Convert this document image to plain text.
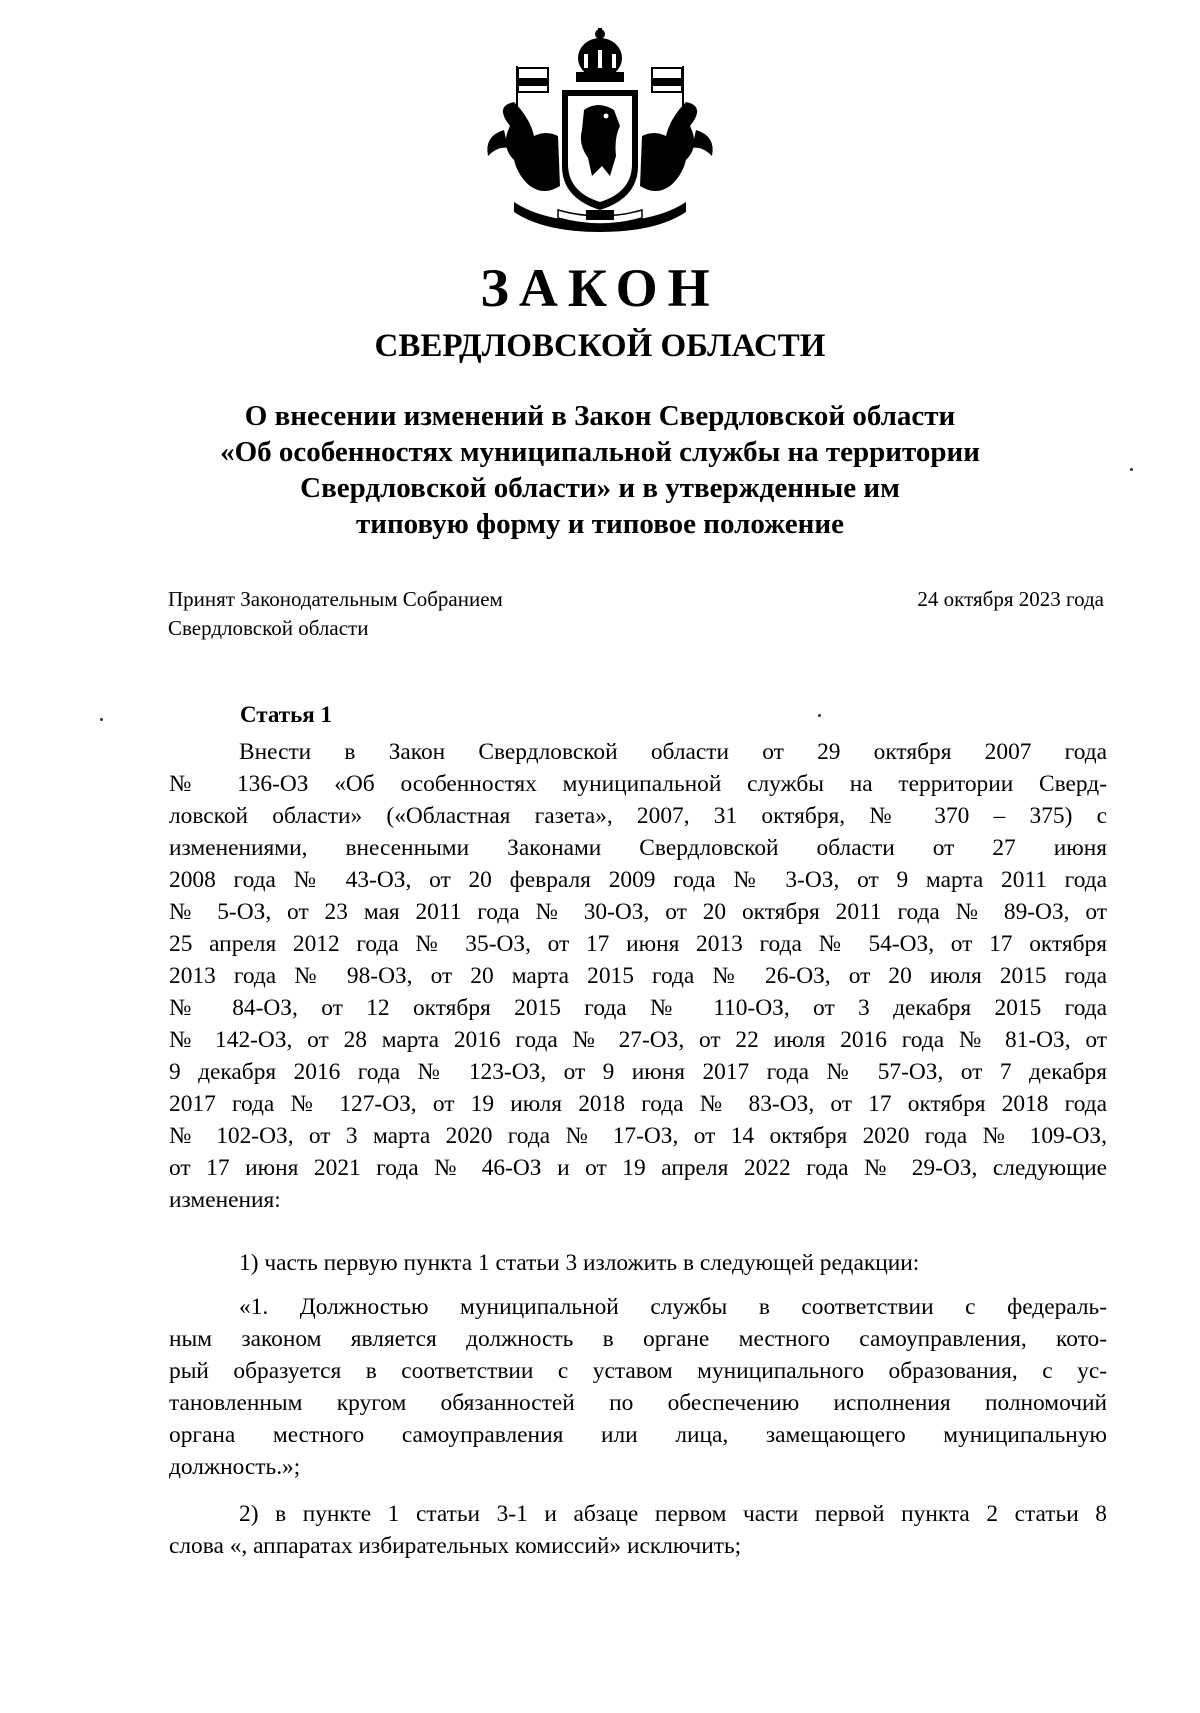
ЗАКОН
СВЕРДЛОВСКОЙ ОБЛАСТИ
О внесении изменений в Закон Свердловской области
«Об особенностях муниципальной службы на территории
Свердловской области» и в утвержденные им
типовую форму и типовое положение
Принят Законодательным Собранием
Свердловской области
24 октября 2023 года
Статья 1
Внести в Закон Свердловской области от 29 октября 2007 года
№ 136-ОЗ «Об особенностях муниципальной службы на территории Сверд-
ловской области» («Областная газета», 2007, 31 октября, № 370 – 375) с
изменениями, внесенными Законами Свердловской области от 27 июня
2008 года № 43-ОЗ, от 20 февраля 2009 года № 3-ОЗ, от 9 марта 2011 года
№ 5-ОЗ, от 23 мая 2011 года № 30-ОЗ, от 20 октября 2011 года № 89-ОЗ, от
25 апреля 2012 года № 35-ОЗ, от 17 июня 2013 года № 54-ОЗ, от 17 октября
2013 года № 98-ОЗ, от 20 марта 2015 года № 26-ОЗ, от 20 июля 2015 года
№ 84-ОЗ, от 12 октября 2015 года № 110-ОЗ, от 3 декабря 2015 года
№ 142-ОЗ, от 28 марта 2016 года № 27-ОЗ, от 22 июля 2016 года № 81-ОЗ, от
9 декабря 2016 года № 123-ОЗ, от 9 июня 2017 года № 57-ОЗ, от 7 декабря
2017 года № 127-ОЗ, от 19 июля 2018 года № 83-ОЗ, от 17 октября 2018 года
№ 102-ОЗ, от 3 марта 2020 года № 17-ОЗ, от 14 октября 2020 года № 109-ОЗ,
от 17 июня 2021 года № 46-ОЗ и от 19 апреля 2022 года № 29-ОЗ, следующие
изменения:
1) часть первую пункта 1 статьи 3 изложить в следующей редакции:
«1. Должностью муниципальной службы в соответствии с федераль-
ным законом является должность в органе местного самоуправления, кото-
рый образуется в соответствии с уставом муниципального образования, с ус-
тановленным кругом обязанностей по обеспечению исполнения полномочий
органа местного самоуправления или лица, замещающего муниципальную
должность.»;
2) в пункте 1 статьи 3-1 и абзаце первом части первой пункта 2 статьи 8
слова «, аппаратах избирательных комиссий» исключить;
